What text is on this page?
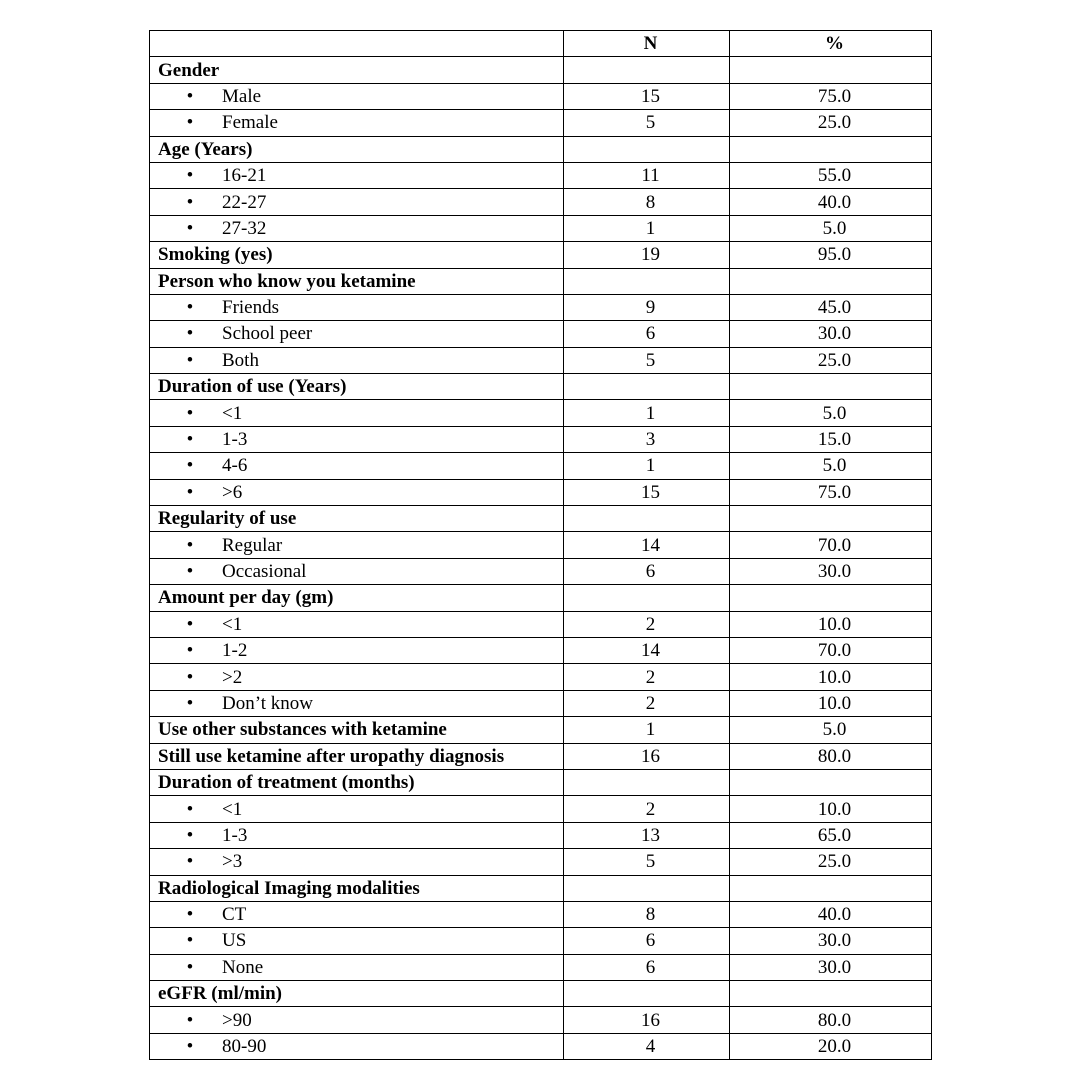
	N	%
Gender		
• Male	15	75.0
• Female	5	25.0
Age (Years)		
• 16-21	11	55.0
• 22-27	8	40.0
• 27-32	1	5.0
Smoking (yes)	19	95.0
Person who know you ketamine		
• Friends	9	45.0
• School peer	6	30.0
• Both	5	25.0
Duration of use (Years)		
• <1	1	5.0
• 1-3	3	15.0
• 4-6	1	5.0
• >6	15	75.0
Regularity of use		
• Regular	14	70.0
• Occasional	6	30.0
Amount per day (gm)		
• <1	2	10.0
• 1-2	14	70.0
• >2	2	10.0
• Don’t know	2	10.0
Use other substances with ketamine	1	5.0
Still use ketamine after uropathy diagnosis	16	80.0
Duration of treatment (months)		
• <1	2	10.0
• 1-3	13	65.0
• >3	5	25.0
Radiological Imaging modalities		
• CT	8	40.0
• US	6	30.0
• None	6	30.0
eGFR (ml/min)		
• >90	16	80.0
• 80-90	4	20.0
